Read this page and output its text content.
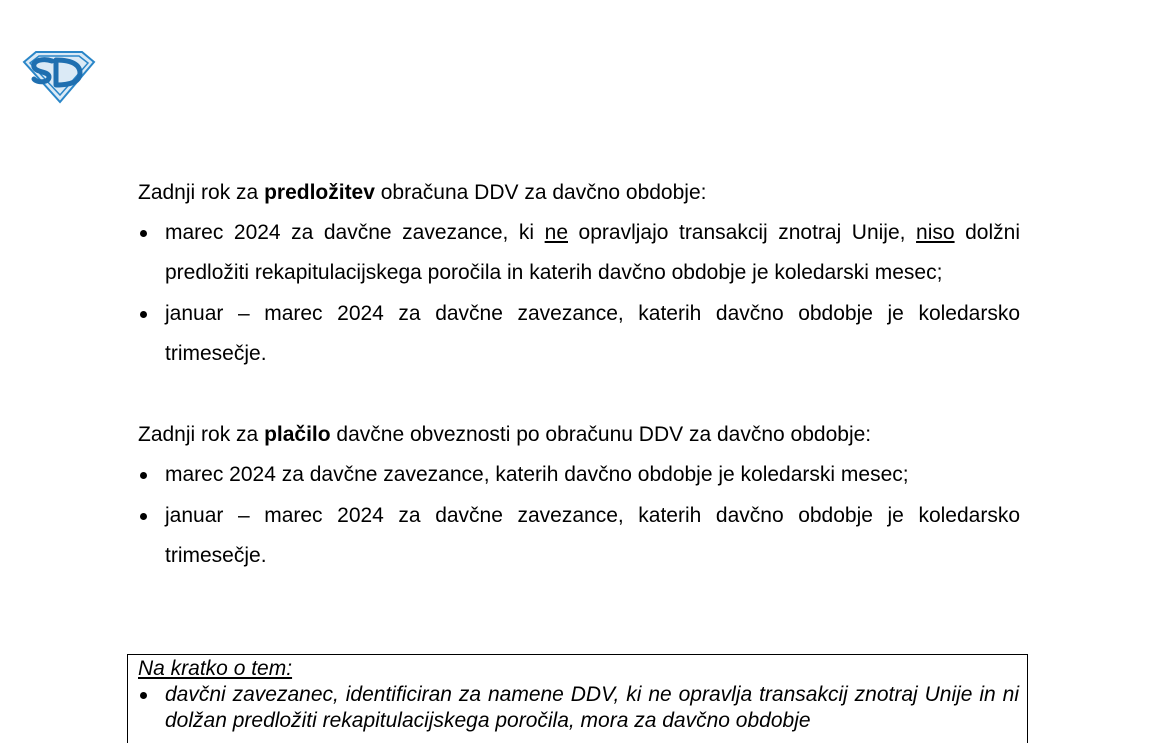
Zadnji rok za predložitev obračuna DDV za davčno obdobje:

marec 2024 za davčne zavezance, ki ne opravljajo transakcij znotraj Unije, niso dolžni predložiti rekapitulacijskega poročila in katerih davčno obdobje je koledarski mesec;
januar – marec 2024 za davčne zavezance, katerih davčno obdobje je koledarsko trimesečje.

Zadnji rok za plačilo davčne obveznosti po obračunu DDV za davčno obdobje:

marec 2024 za davčne zavezance, katerih davčno obdobje je koledarski mesec;
januar – marec 2024 za davčne zavezance, katerih davčno obdobje je koledarsko trimesečje.
Na kratko o tem:
davčni zavezanec, identificiran za namene DDV, ki ne opravlja transakcij znotraj Unije in ni dolžan predložiti rekapitulacijskega poročila, mora za davčno obdobje
